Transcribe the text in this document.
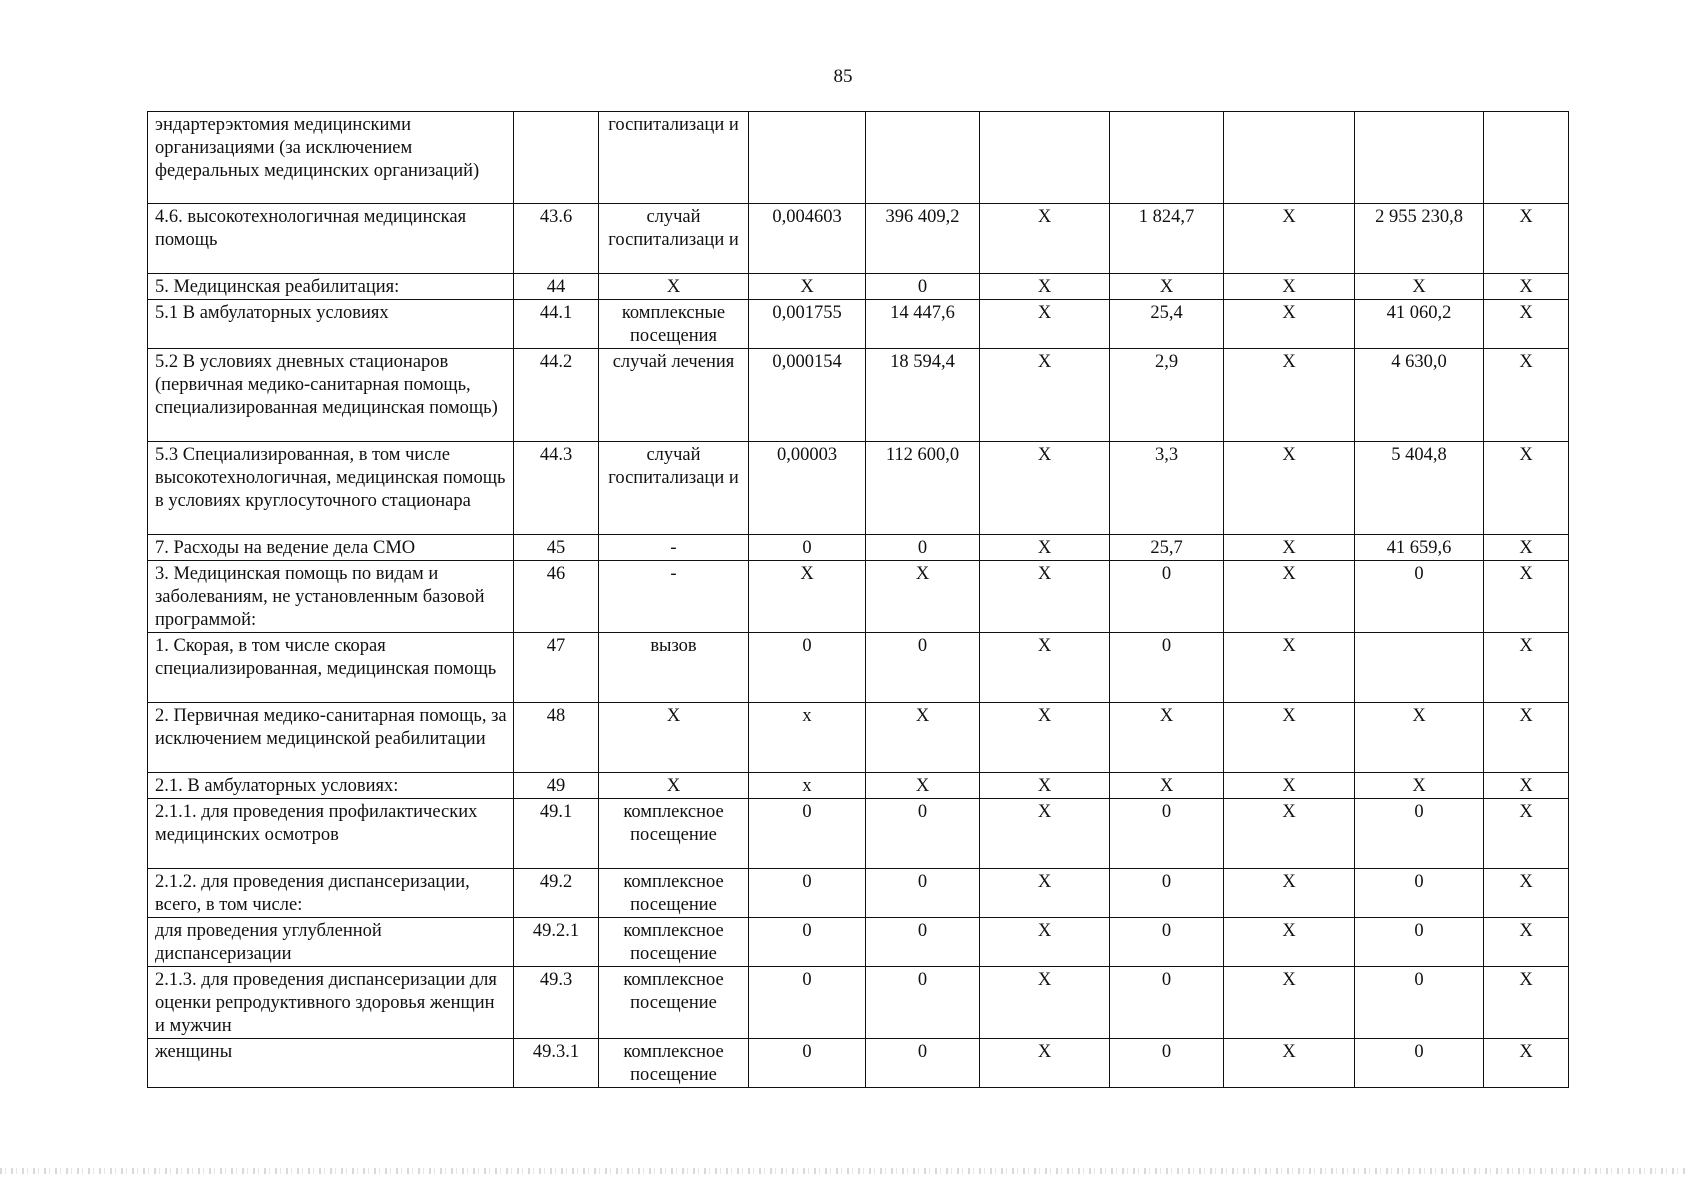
85
эндартерэктомия медицинскими организациями (за исключением федеральных медицинских организаций)		госпитализаци и							
4.6. высокотехнологичная медицинская помощь	43.6	случай госпитализаци и	0,004603	396 409,2	X	1 824,7	X	2 955 230,8	X
5. Медицинская реабилитация:	44	X	X	0	X	X	X	X	X
5.1 В амбулаторных условиях	44.1	комплексные посещения	0,001755	14 447,6	X	25,4	X	41 060,2	X
5.2 В условиях дневных стационаров (первичная медико-санитарная помощь, специализированная медицинская помощь)	44.2	случай лечения	0,000154	18 594,4	X	2,9	X	4 630,0	X
5.3 Специализированная, в том числе высокотехнологичная, медицинская помощь в условиях круглосуточного стационара	44.3	случай госпитализаци и	0,00003	112 600,0	X	3,3	X	5 404,8	X
7. Расходы на ведение дела СМО	45	-	0	0	X	25,7	X	41 659,6	X
3. Медицинская помощь по видам и заболеваниям, не установленным базовой программой:	46	-	X	X	X	0	X	0	X
1. Скорая, в том числе скорая специализированная, медицинская помощь	47	вызов	0	0	X	0	X		X
2. Первичная медико-санитарная помощь, за исключением медицинской реабилитации	48	X	x	X	X	X	X	X	X
2.1. В амбулаторных условиях:	49	X	x	X	X	X	X	X	X
2.1.1. для проведения профилактических медицинских осмотров	49.1	комплексное посещение	0	0	X	0	X	0	X
2.1.2. для проведения диспансеризации, всего, в том числе:	49.2	комплексное посещение	0	0	X	0	X	0	X
для проведения углубленной диспансеризации	49.2.1	комплексное посещение	0	0	X	0	X	0	X
2.1.3. для проведения диспансеризации для оценки репродуктивного здоровья женщин и мужчин	49.3	комплексное посещение	0	0	X	0	X	0	X
женщины	49.3.1	комплексное посещение	0	0	X	0	X	0	X
